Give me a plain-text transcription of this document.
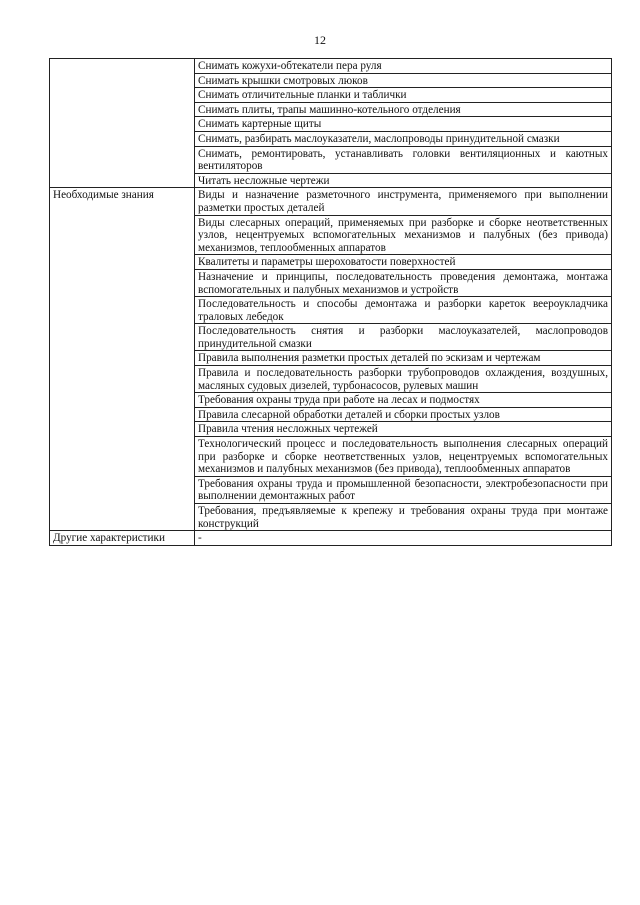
12
	Снимать кожухи-обтекатели пера руля
	Снимать крышки смотровых люков
	Снимать отличительные планки и таблички
	Снимать плиты, трапы машинно-котельного отделения
	Снимать картерные щиты
	Снимать, разбирать маслоуказатели, маслопроводы принудительной смазки
	Снимать, ремонтировать, устанавливать головки вентиляционных и каютных вентиляторов
	Читать несложные чертежи
Необходимые знания	Виды и назначение разметочного инструмента, применяемого при выполнении разметки простых деталей
	Виды слесарных операций, применяемых при разборке и сборке неответственных узлов, нецентруемых вспомогательных механизмов и палубных (без привода) механизмов, теплообменных аппаратов
	Квалитеты и параметры шероховатости поверхностей
	Назначение и принципы, последовательность проведения демонтажа, монтажа вспомогательных и палубных механизмов и устройств
	Последовательность и способы демонтажа и разборки кареток веероукладчика траловых лебедок
	Последовательность снятия и разборки маслоуказателей, маслопроводов принудительной смазки
	Правила выполнения разметки простых деталей по эскизам и чертежам
	Правила и последовательность разборки трубопроводов охлаждения, воздушных, масляных судовых дизелей, турбонасосов, рулевых машин
	Требования охраны труда при работе на лесах и подмостях
	Правила слесарной обработки деталей и сборки простых узлов
	Правила чтения несложных чертежей
	Технологический процесс и последовательность выполнения слесарных операций при разборке и сборке неответственных узлов, нецентруемых вспомогательных механизмов и палубных механизмов (без привода), теплообменных аппаратов
	Требования охраны труда и промышленной безопасности, электробезопасности при выполнении демонтажных работ
	Требования, предъявляемые к крепежу и требования охраны труда при монтаже конструкций
Другие характеристики	-
